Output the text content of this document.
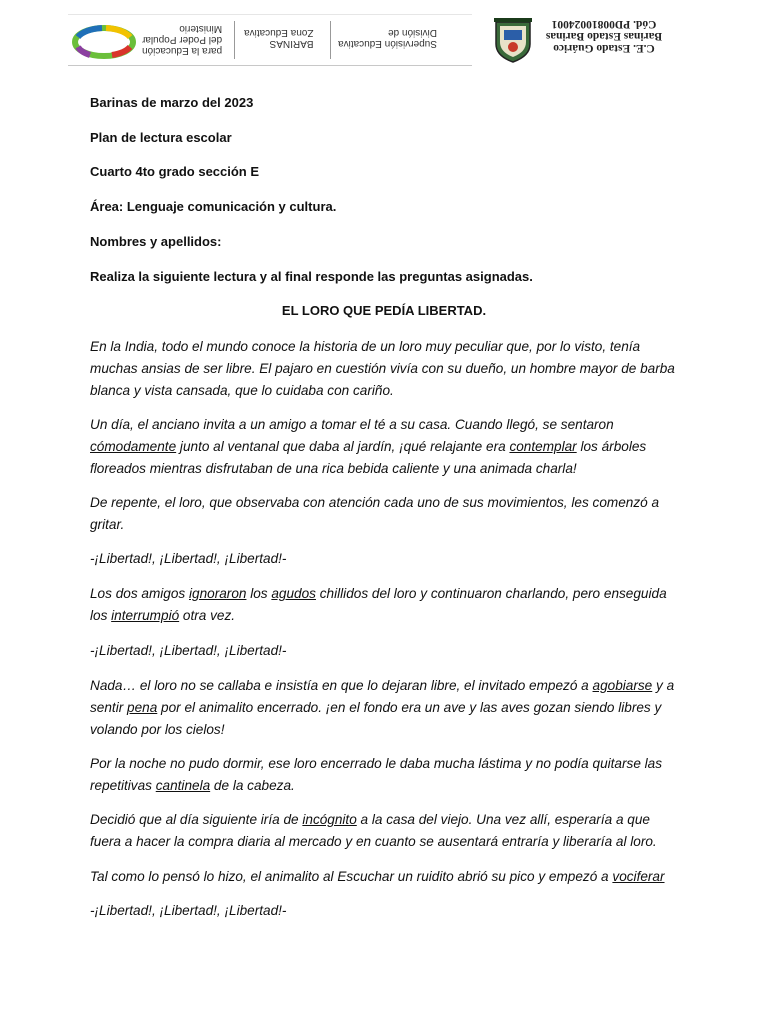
para la Educación
del Poder Popular
Ministerio
BARINAS
Zona Educativa
Supervisión Educativa
División de
C.E. Estado Guárico
Barinas Estado Barinas
Cód. PD00810024001
Barinas de marzo del 2023
Plan de lectura escolar
Cuarto 4to grado sección E
Área: Lenguaje comunicación y cultura.
Nombres y apellidos:
Realiza la siguiente lectura y al final responde las preguntas asignadas.
EL LORO QUE PEDÍA LIBERTAD.
En la India, todo el mundo conoce la historia de un loro muy peculiar que, por lo visto, tenía muchas ansias de ser libre. El pajaro en cuestión vivía con su dueño, un hombre mayor de barba blanca y vista cansada, que lo cuidaba con cariño.
Un día, el anciano invita a un amigo a tomar el té a su casa. Cuando llegó, se sentaron cómodamente junto al ventanal que daba al jardín, ¡qué relajante era contemplar los árboles floreados mientras disfrutaban de una rica bebida caliente y una animada charla!
De repente, el loro, que observaba con atención cada uno de sus movimientos, les comenzó a gritar.
-¡Libertad!, ¡Libertad!, ¡Libertad!-
Los dos amigos ignoraron los agudos chillidos del loro y continuaron charlando, pero enseguida los interrumpió otra vez.
-¡Libertad!, ¡Libertad!, ¡Libertad!-
Nada… el loro no se callaba e insistía en que lo dejaran libre, el invitado empezó a agobiarse y a sentir pena por el animalito encerrado. ¡en el fondo era un ave y las aves gozan siendo libres y volando por los cielos!
Por la noche no pudo dormir, ese loro encerrado le daba mucha lástima y no podía quitarse las repetitivas cantinela de la cabeza.
Decidió que al día siguiente iría de incógnito a la casa del viejo. Una vez allí, esperaría a que fuera a hacer la compra diaria al mercado y en cuanto se ausentará entraría y liberaría al loro.
Tal como lo pensó lo hizo, el animalito al Escuchar un ruidito abrió su pico y empezó a vociferar
-¡Libertad!, ¡Libertad!, ¡Libertad!-
